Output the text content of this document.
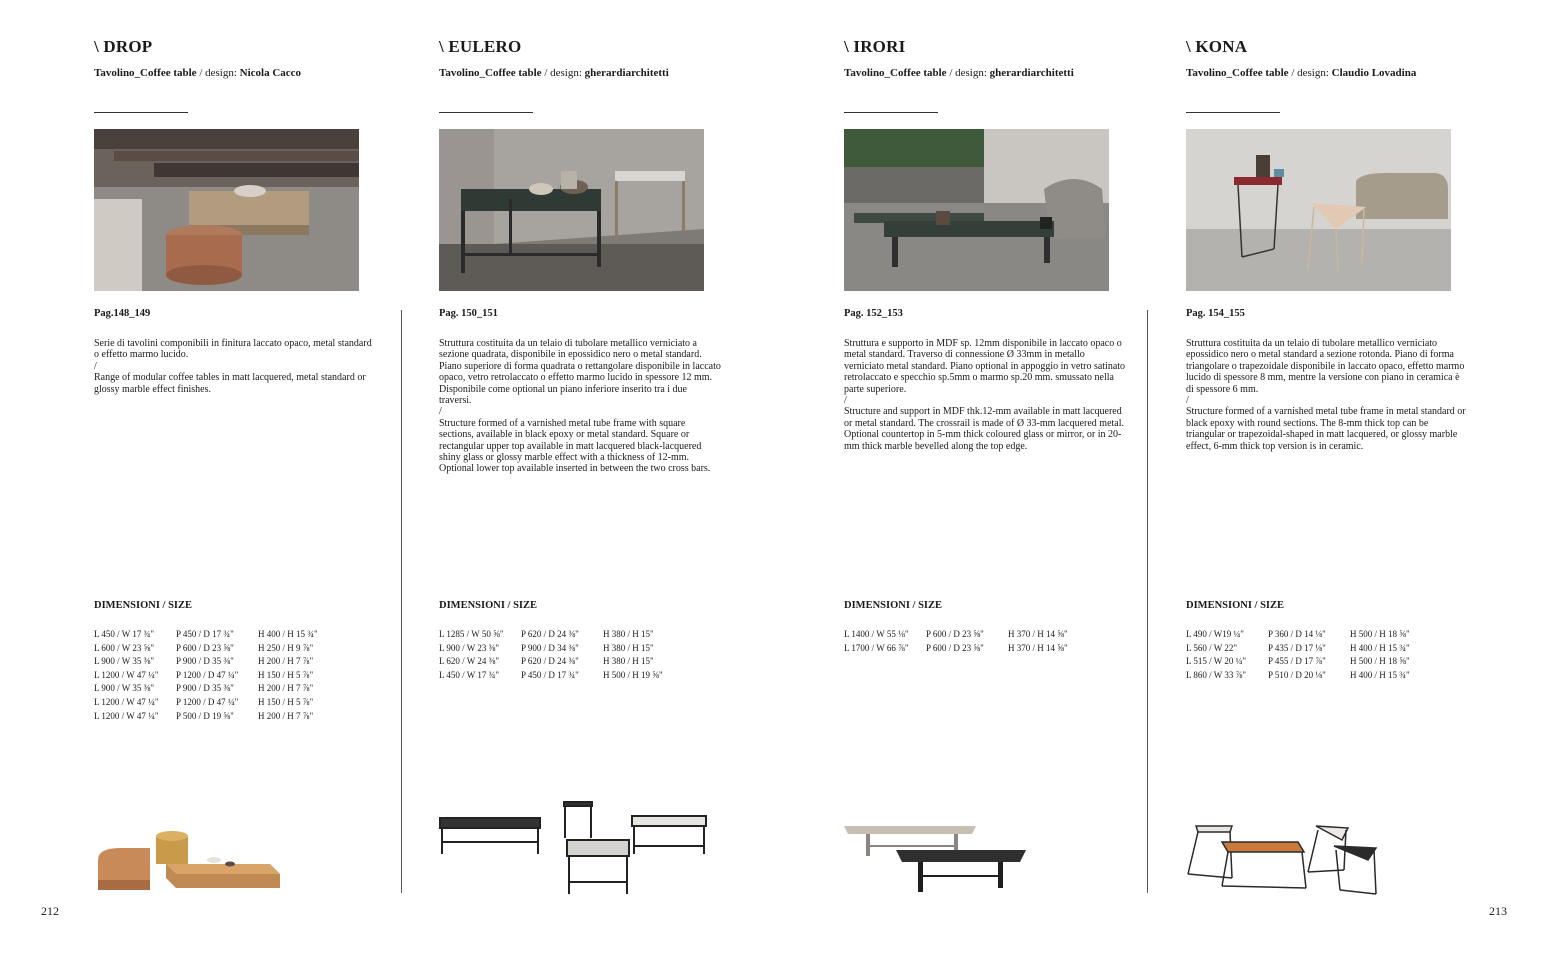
\ DROP
Tavolino_Coffee table / design: Nicola Cacco
Pag.148_149

Serie di tavolini componibili in finitura laccato opaco, metal standard o effetto marmo lucido.

/

Range of modular coffee tables in matt lacquered, metal standard or glossy marble effect finishes.

DIMENSIONI / SIZE
L 450 / W 17 ¾"	P 450 / D 17 ¾"	H 400 / H 15 ¾"
L 600 / W 23 ⅝"	P 600 / D 23 ⅝"	H 250 / H 9 ⅞"
L 900 / W 35 ⅜"	P 900 / D 35 ⅜"	H 200 / H 7 ⅞"
L 1200 / W 47 ¼"	P 1200 / D 47 ¼"	H 150 / H 5 ⅞"
L 900 / W 35 ⅜"	P 900 / D 35 ⅜"	H 200 / H 7 ⅞"
L 1200 / W 47 ¼"	P 1200 / D 47 ¼"	H 150 / H 5 ⅞"
L 1200 / W 47 ¼"	P 500 / D 19 ⅝"	H 200 / H 7 ⅞"
\ EULERO
Tavolino_Coffee table / design: gherardiarchitetti
Pag. 150_151

Struttura costituita da un telaio di tubolare metallico verniciato a sezione quadrata, disponibile in epossidico nero o metal standard. Piano superiore di forma quadrata o rettangolare disponibile in laccato opaco, vetro retrolaccato o effetto marmo lucido in spessore 12 mm. Disponibile come optional un piano inferiore inserito tra i due traversi.

/

Structure formed of a varnished metal tube frame with square sections, available in black epoxy or metal standard. Square or rectangular upper top available in matt lacquered black-lacquered shiny glass or glossy marble effect with a thickness of 12-mm. Optional lower top available inserted in between the two cross bars.

DIMENSIONI / SIZE
L 1285 / W 50 ⅝"	P 620 / D 24 ⅜"	H 380 / H 15"
L 900 / W 23 ⅜"	P 900 / D 34 ⅜"	H 380 / H 15"
L 620 / W 24 ⅜"	P 620 / D 24 ⅜"	H 380 / H 15"
L 450 / W 17 ¾"	P 450 / D 17 ¾"	H 500 / H 19 ⅝"
\ IRORI
Tavolino_Coffee table / design: gherardiarchitetti
Pag. 152_153

Struttura e supporto in MDF sp. 12mm disponibile in laccato opaco o metal standard. Traverso di connessione Ø 33mm in metallo verniciato metal standard. Piano optional in appoggio in vetro satinato retrolaccato e specchio sp.5mm o marmo sp.20 mm. smussato nella parte superiore.

/

Structure and support in MDF thk.12-mm available in matt lacquered or metal standard. The crossrail is made of Ø 33-mm lacquered metal. Optional countertop in 5-mm thick coloured glass or mirror, or in 20-mm thick marble bevelled along the top edge.

DIMENSIONI / SIZE
L 1400 / W 55 ⅛"	P 600 / D 23 ⅝"	H 370 / H 14 ⅝"
L 1700 / W 66 ⅞"	P 600 / D 23 ⅝"	H 370 / H 14 ⅝"
\ KONA
Tavolino_Coffee table / design: Claudio Lovadina
Pag. 154_155

Struttura costituita da un telaio di tubolare metallico verniciato epossidico nero o metal standard a sezione rotonda. Piano di forma triangolare o trapezoidale disponibile in laccato opaco, effetto marmo lucido di spessore 8 mm, mentre la versione con piano in ceramica è di spessore 6 mm.

/

Structure formed of a varnished metal tube frame in metal standard or black epoxy with round sections. The 8-mm thick top can be triangular or trapezoidal-shaped in matt lacquered, or glossy marble effect, 6-mm thick top version is in ceramic.

DIMENSIONI / SIZE
L 490 / W19 ¼"	P 360 / D 14 ⅛"	H 500 / H 18 ⅝"
L 560 / W 22"	P 435 / D 17 ⅛"	H 400 / H 15 ¾"
L 515 / W 20 ¼"	P 455 / D 17 ⅞"	H 500 / H 18 ⅝"
L 860 / W 33 ⅞"	P 510 / D 20 ⅛"	H 400 / H 15 ¾"
212	213
